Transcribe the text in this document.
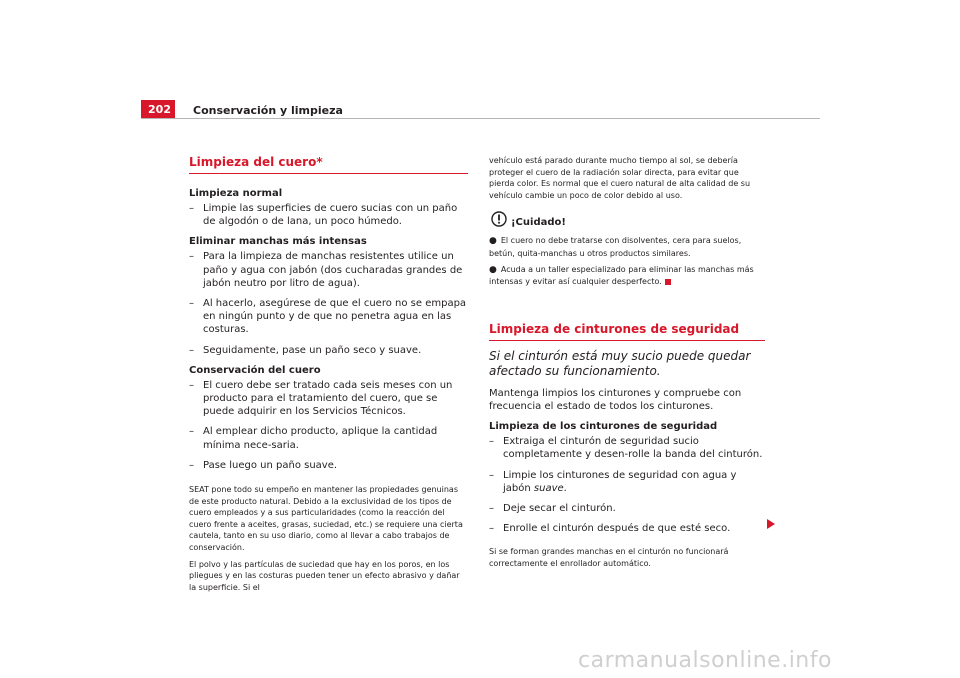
202	Conservación y limpieza
Limpieza del cuero*
Limpieza normal
– Limpie las superficies de cuero sucias con un paño de algodón o de lana, un poco húmedo.
Eliminar manchas más intensas
– Para la limpieza de manchas resistentes utilice un paño y agua con jabón (dos cucharadas grandes de jabón neutro por litro de agua).
– Al hacerlo, asegúrese de que el cuero no se empapa en ningún punto y de que no penetra agua en las costuras.
– Seguidamente, pase un paño seco y suave.
Conservación del cuero
– El cuero debe ser tratado cada seis meses con un producto para el tratamiento del cuero, que se puede adquirir en los Servicios Técnicos.
– Al emplear dicho producto, aplique la cantidad mínima nece-saria.
– Pase luego un paño suave.
SEAT pone todo su empeño en mantener las propiedades genuinas de este producto natural. Debido a la exclusividad de los tipos de cuero empleados y a sus particularidades (como la reacción del cuero frente a aceites, grasas, suciedad, etc.) se requiere una cierta cautela, tanto en su uso diario, como al llevar a cabo trabajos de conservación.
El polvo y las partículas de suciedad que hay en los poros, en los pliegues y en las costuras pueden tener un efecto abrasivo y dañar la superficie. Si el
vehículo está parado durante mucho tiempo al sol, se debería proteger el cuero de la radiación solar directa, para evitar que pierda color. Es normal que el cuero natural de alta calidad de su vehículo cambie un poco de color debido al uso.
¡Cuidado!
● El cuero no debe tratarse con disolventes, cera para suelos, betún, quita-manchas u otros productos similares.
● Acuda a un taller especializado para eliminar las manchas más intensas y evitar así cualquier desperfecto.
Limpieza de cinturones de seguridad
Si el cinturón está muy sucio puede quedar afectado su funcionamiento.
Mantenga limpios los cinturones y compruebe con frecuencia el estado de todos los cinturones.
Limpieza de los cinturones de seguridad
– Extraiga el cinturón de seguridad sucio completamente y desen-rolle la banda del cinturón.
– Limpie los cinturones de seguridad con agua y jabón suave.
– Deje secar el cinturón.
– Enrolle el cinturón después de que esté seco.
Si se forman grandes manchas en el cinturón no funcionará correctamente el enrollador automático.
carmanualsonline.info
